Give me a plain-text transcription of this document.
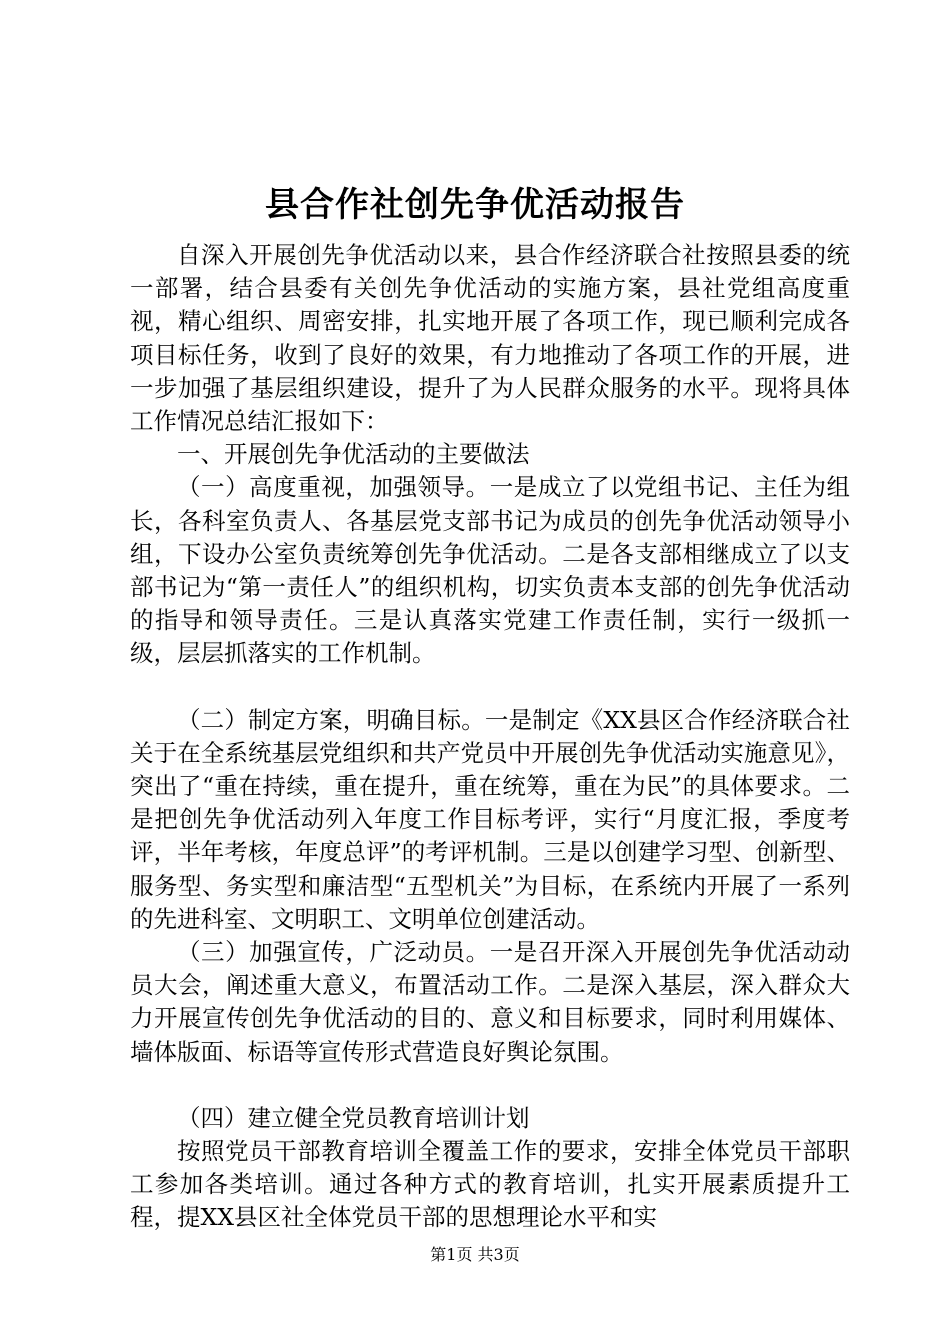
县合作社创先争优活动报告

自深入开展创先争优活动以来，县合作经济联合社按照县委的统一部署，结合县委有关创先争优活动的实施方案，县社党组高度重视，精心组织、周密安排，扎实地开展了各项工作，现已顺利完成各项目标任务，收到了良好的效果，有力地推动了各项工作的开展，进一步加强了基层组织建设，提升了为人民群众服务的水平。现将具体工作情况总结汇报如下：

一、开展创先争优活动的主要做法

（一）高度重视，加强领导。一是成立了以党组书记、主任为组长，各科室负责人、各基层党支部书记为成员的创先争优活动领导小组，下设办公室负责统筹创先争优活动。二是各支部相继成立了以支部书记为“第一责任人”的组织机构，切实负责本支部的创先争优活动的指导和领导责任。三是认真落实党建工作责任制，实行一级抓一级，层层抓落实的工作机制。

（二）制定方案，明确目标。一是制定《XX县区合作经济联合社关于在全系统基层党组织和共产党员中开展创先争优活动实施意见》，突出了“重在持续，重在提升，重在统筹，重在为民”的具体要求。二是把创先争优活动列入年度工作目标考评，实行“月度汇报，季度考评，半年考核，年度总评”的考评机制。三是以创建学习型、创新型、服务型、务实型和廉洁型“五型机关”为目标，在系统内开展了一系列的先进科室、文明职工、文明单位创建活动。

（三）加强宣传，广泛动员。一是召开深入开展创先争优活动动员大会，阐述重大意义，布置活动工作。二是深入基层，深入群众大力开展宣传创先争优活动的目的、意义和目标要求，同时利用媒体、墙体版面、标语等宣传形式营造良好舆论氛围。

（四）建立健全党员教育培训计划

按照党员干部教育培训全覆盖工作的要求，安排全体党员干部职工参加各类培训。通过各种方式的教育培训，扎实开展素质提升工程，提XX县区社全体党员干部的思想理论水平和实

第1页 共3页
